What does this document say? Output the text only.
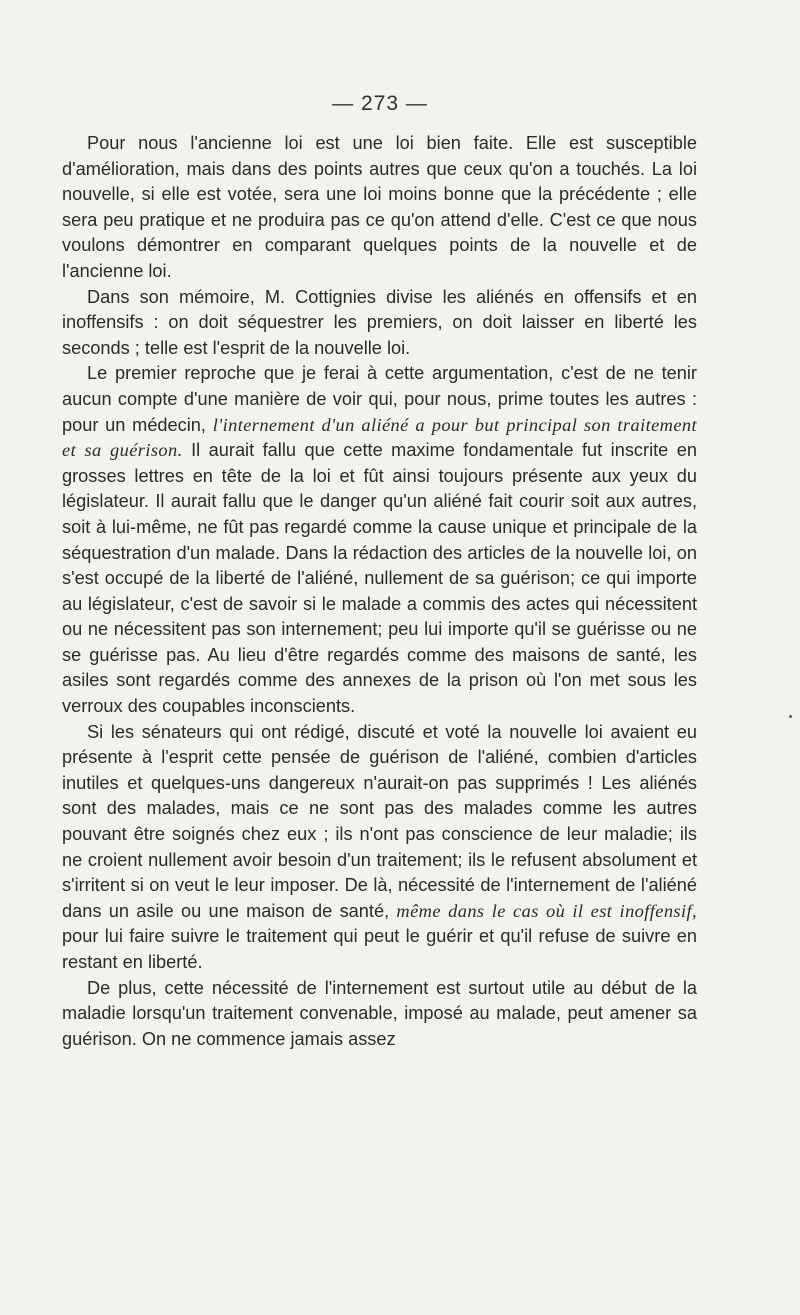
— 273 —

Pour nous l'ancienne loi est une loi bien faite. Elle est susceptible d'amélioration, mais dans des points autres que ceux qu'on a touchés. La loi nouvelle, si elle est votée, sera une loi moins bonne que la précédente ; elle sera peu pratique et ne produira pas ce qu'on attend d'elle. C'est ce que nous voulons démontrer en comparant quelques points de la nouvelle et de l'ancienne loi.

Dans son mémoire, M. Cottignies divise les aliénés en offensifs et en inoffensifs : on doit séquestrer les premiers, on doit laisser en liberté les seconds ; telle est l'esprit de la nouvelle loi.

Le premier reproche que je ferai à cette argumentation, c'est de ne tenir aucun compte d'une manière de voir qui, pour nous, prime toutes les autres : pour un médecin, l'internement d'un aliéné a pour but principal son traitement et sa guérison. Il aurait fallu que cette maxime fondamentale fut inscrite en grosses lettres en tête de la loi et fût ainsi toujours présente aux yeux du législateur. Il aurait fallu que le danger qu'un aliéné fait courir soit aux autres, soit à lui-même, ne fût pas regardé comme la cause unique et principale de la séquestration d'un malade. Dans la rédaction des articles de la nouvelle loi, on s'est occupé de la liberté de l'aliéné, nullement de sa guérison; ce qui importe au législateur, c'est de savoir si le malade a commis des actes qui nécessitent ou ne nécessitent pas son internement; peu lui importe qu'il se guérisse ou ne se guérisse pas. Au lieu d'être regardés comme des maisons de santé, les asiles sont regardés comme des annexes de la prison où l'on met sous les verroux des coupables inconscients.

Si les sénateurs qui ont rédigé, discuté et voté la nouvelle loi avaient eu présente à l'esprit cette pensée de guérison de l'aliéné, combien d'articles inutiles et quelques-uns dangereux n'aurait-on pas supprimés ! Les aliénés sont des malades, mais ce ne sont pas des malades comme les autres pouvant être soignés chez eux ; ils n'ont pas conscience de leur maladie; ils ne croient nullement avoir besoin d'un traitement; ils le refusent absolument et s'irritent si on veut le leur imposer. De là, nécessité de l'internement de l'aliéné dans un asile ou une maison de santé, même dans le cas où il est inoffensif, pour lui faire suivre le traitement qui peut le guérir et qu'il refuse de suivre en restant en liberté.

De plus, cette nécessité de l'internement est surtout utile au début de la maladie lorsqu'un traitement convenable, imposé au malade, peut amener sa guérison. On ne commence jamais assez
